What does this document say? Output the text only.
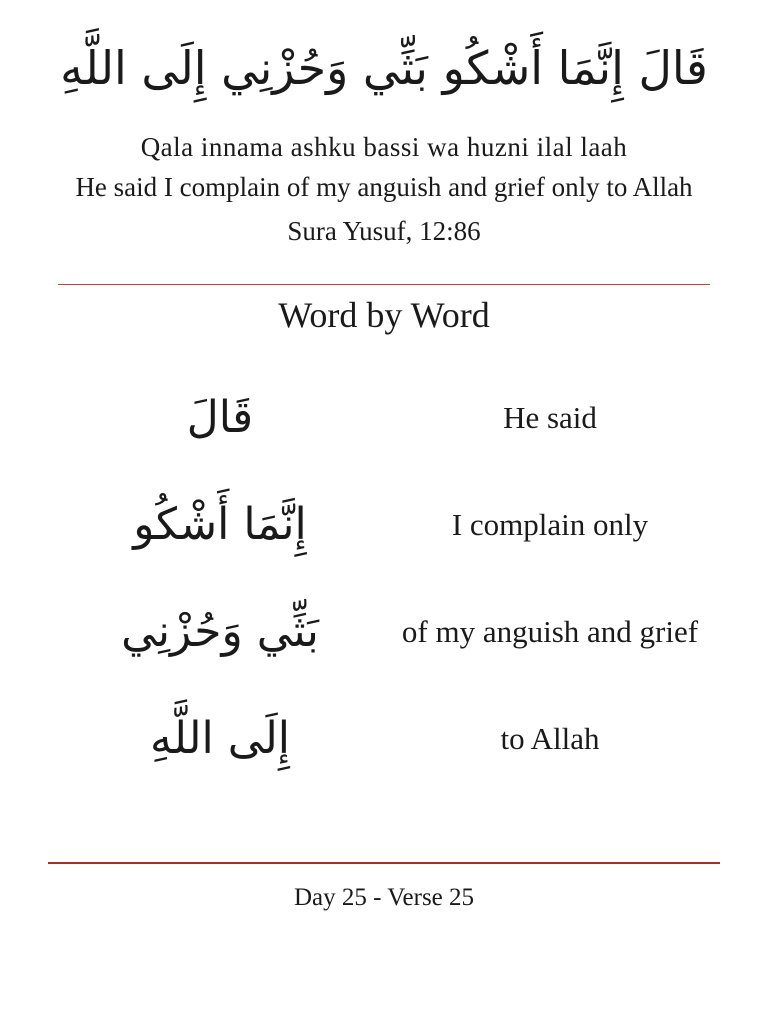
قَالَ إِنَّمَا أَشْكُو بَثِّي وَحُزْنِي إِلَى اللَّهِ
Qala innama ashku bassi wa huzni ilal laah
He said I complain of my anguish and grief only to Allah
Sura Yusuf, 12:86
Word by Word
قَالَ	He said
إِنَّمَا أَشْكُو	I complain only
بَثِّي وَحُزْنِي	of my anguish and grief
إِلَى اللَّهِ	to Allah
Day 25 - Verse 25
